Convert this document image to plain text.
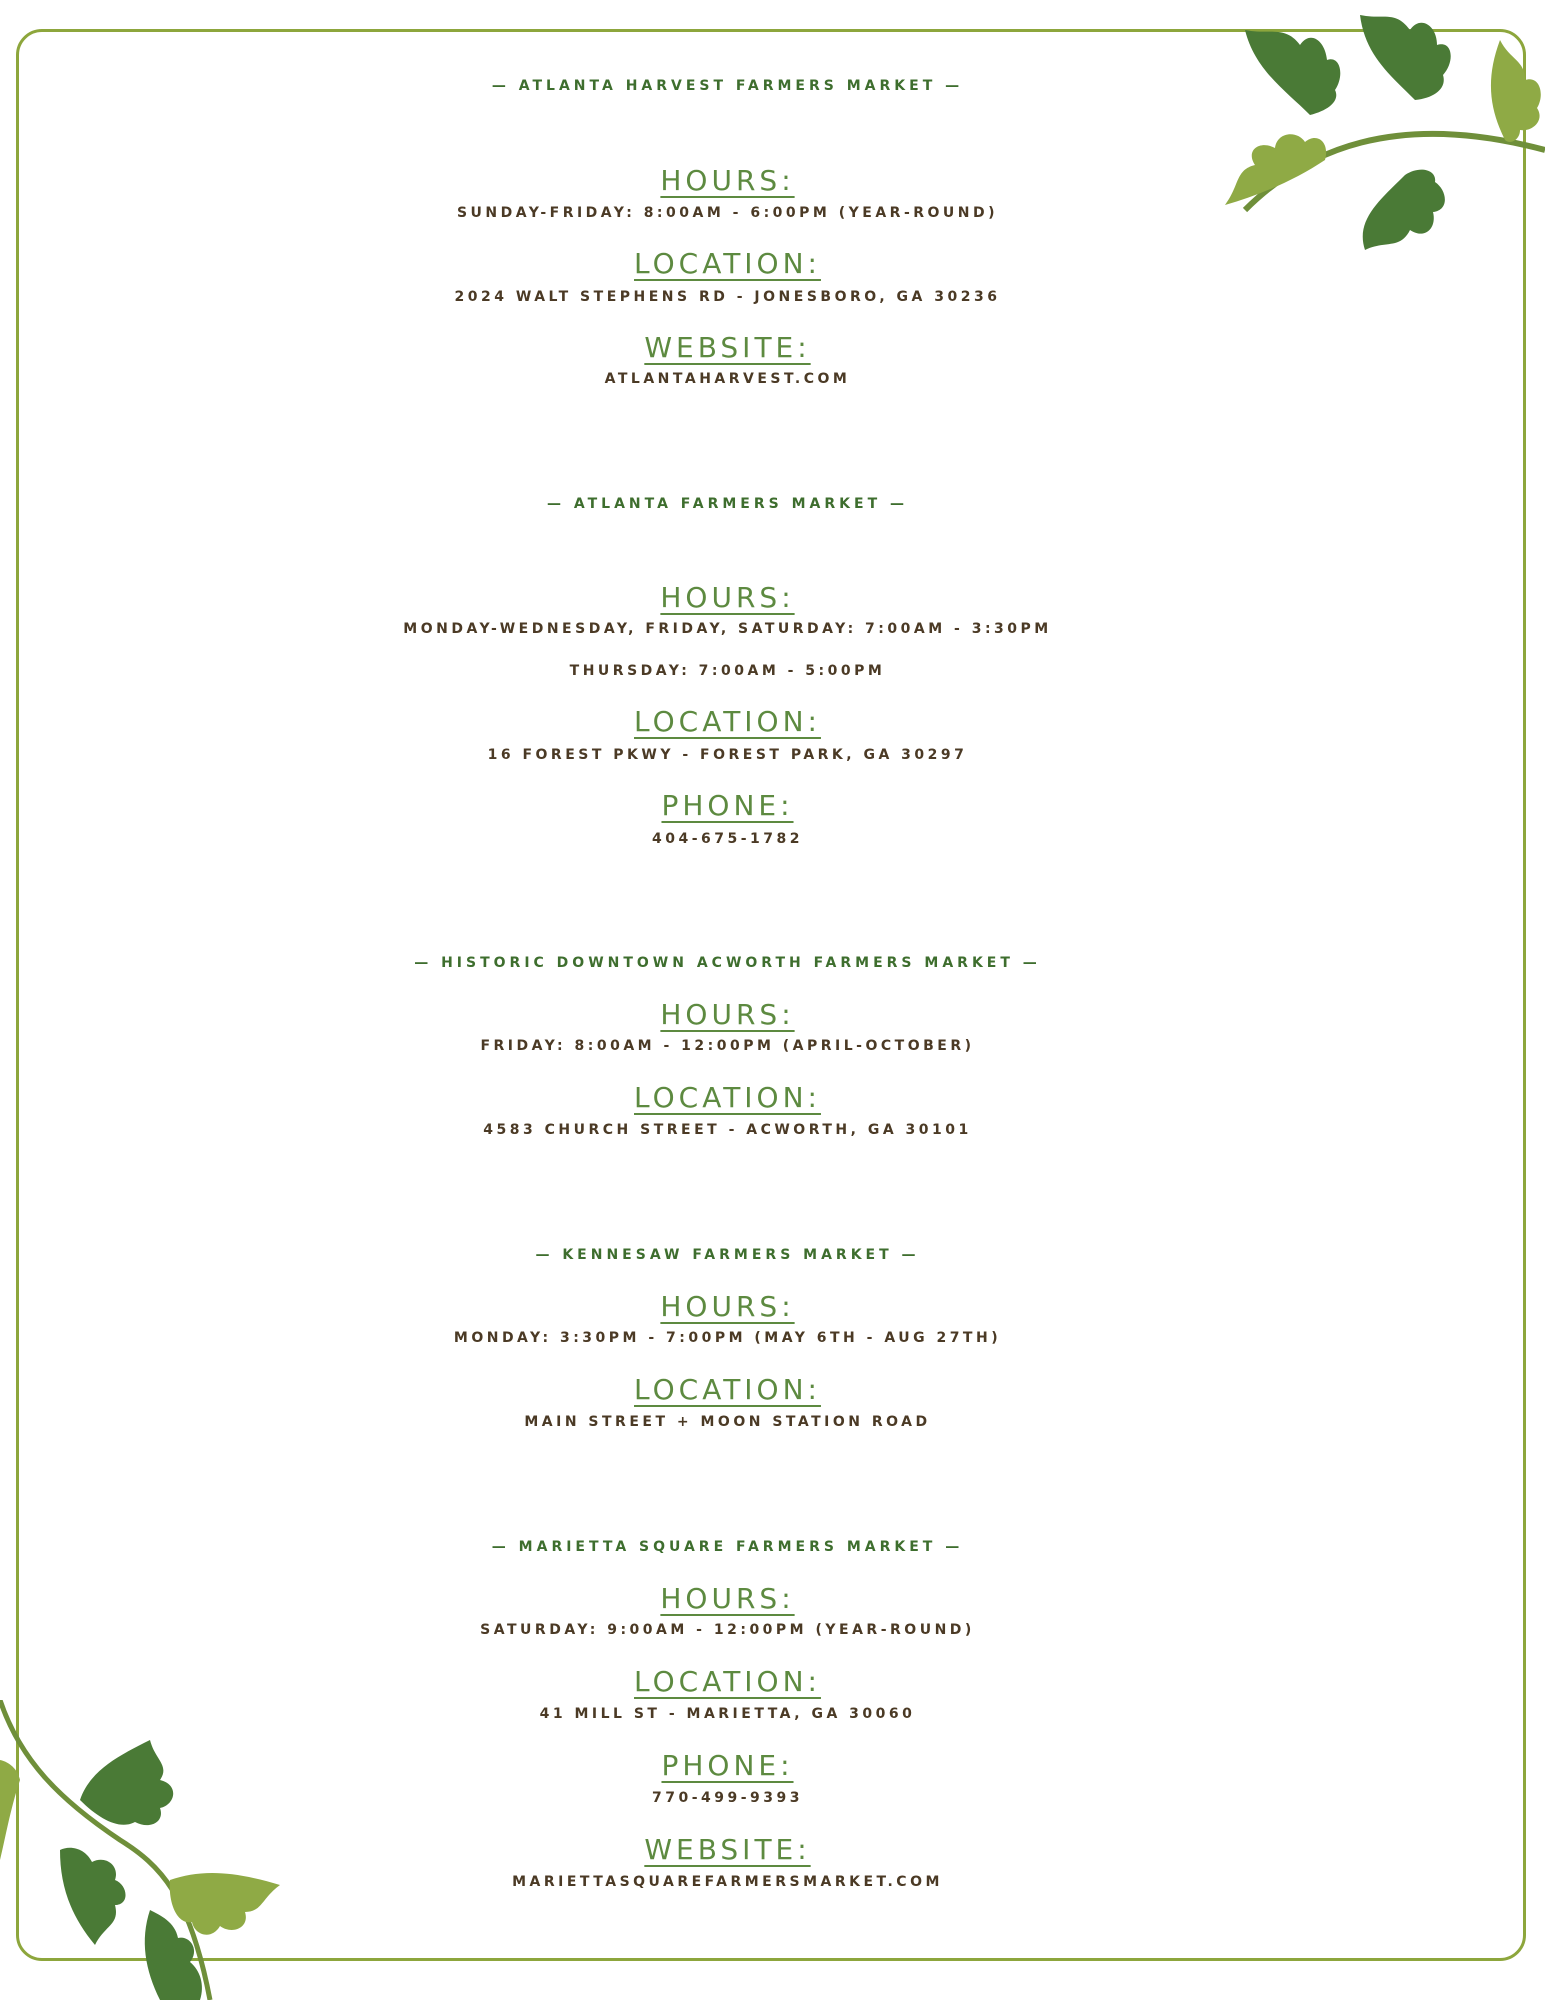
— ATLANTA HARVEST FARMERS MARKET —
HOURS:
SUNDAY-FRIDAY: 8:00AM - 6:00PM (YEAR-ROUND)
LOCATION:
2024 WALT STEPHENS RD - JONESBORO, GA 30236
WEBSITE:
ATLANTAHARVEST.COM
— ATLANTA FARMERS MARKET —
HOURS:
MONDAY-WEDNESDAY, FRIDAY, SATURDAY: 7:00AM - 3:30PM
THURSDAY: 7:00AM - 5:00PM
LOCATION:
16 FOREST PKWY - FOREST PARK, GA 30297
PHONE:
404-675-1782
— HISTORIC DOWNTOWN ACWORTH FARMERS MARKET —
HOURS:
FRIDAY: 8:00AM - 12:00PM (APRIL-OCTOBER)
LOCATION:
4583 CHURCH STREET - ACWORTH, GA 30101
— KENNESAW FARMERS MARKET —
HOURS:
MONDAY: 3:30PM - 7:00PM (MAY 6TH - AUG 27TH)
LOCATION:
MAIN STREET + MOON STATION ROAD
— MARIETTA SQUARE FARMERS MARKET —
HOURS:
SATURDAY: 9:00AM - 12:00PM (YEAR-ROUND)
LOCATION:
41 MILL ST - MARIETTA, GA 30060
PHONE:
770-499-9393
WEBSITE:
MARIETTASQUAREFARMERSMARKET.COM
